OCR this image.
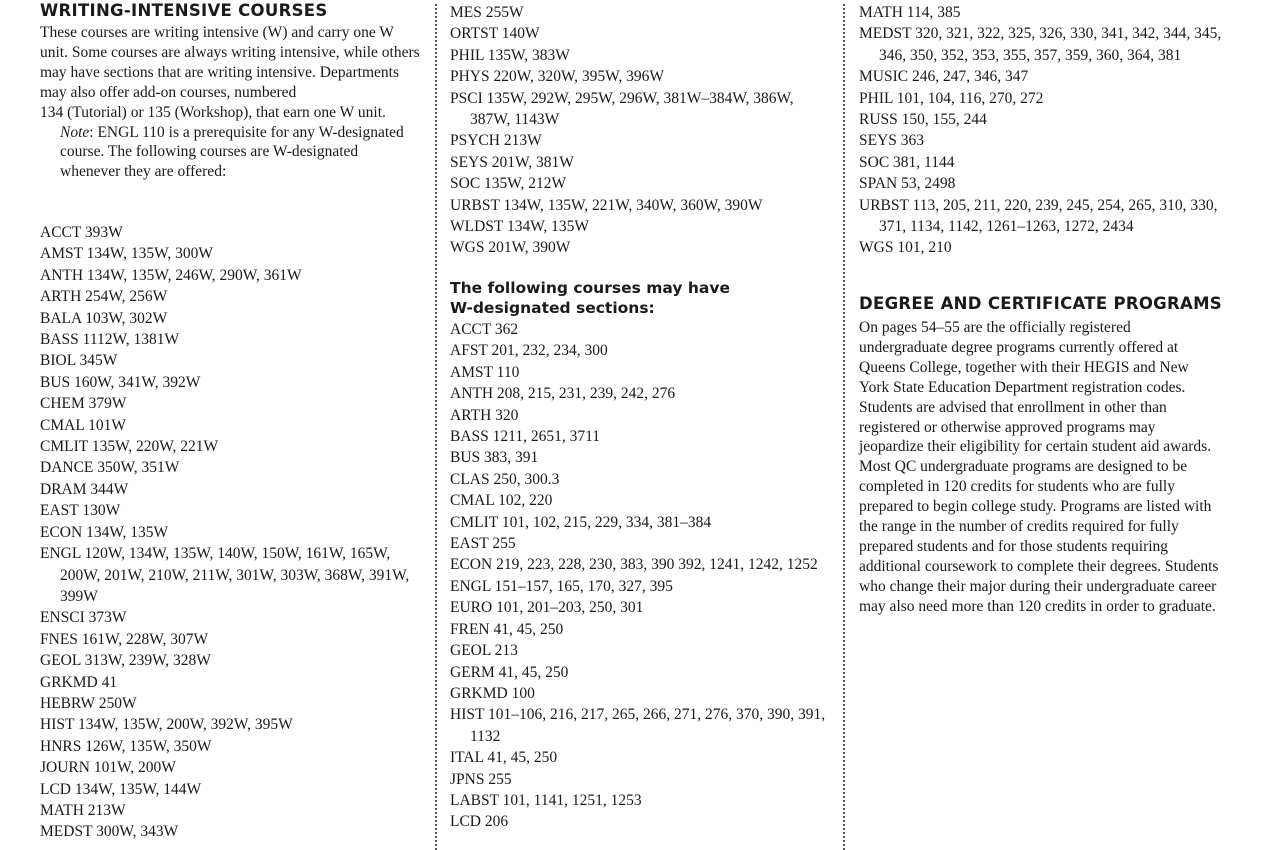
WRITING-INTENSIVE COURSES

These courses are writing intensive (W) and carry one W unit. Some courses are always writing intensive, while others may have sections that are writing intensive. Departments may also offer add-on courses, numbered

134 (Tutorial) or 135 (Workshop), that earn one W unit.

Note: ENGL 110 is a prerequisite for any W-designated course. The following courses are W-designated whenever they are offered:

ACCT 393W
AMST 134W, 135W, 300W
ANTH 134W, 135W, 246W, 290W, 361W
ARTH 254W, 256W
BALA 103W, 302W
BASS 1112W, 1381W
BIOL 345W
BUS 160W, 341W, 392W
CHEM 379W
CMAL 101W
CMLIT 135W, 220W, 221W
DANCE 350W, 351W
DRAM 344W
EAST 130W
ECON 134W, 135W
ENGL 120W, 134W, 135W, 140W, 150W, 161W, 165W, 200W, 201W, 210W, 211W, 301W, 303W, 368W, 391W, 399W
ENSCI 373W
FNES 161W, 228W, 307W
GEOL 313W, 239W, 328W
GRKMD 41
HEBRW 250W
HIST 134W, 135W, 200W, 392W, 395W
HNRS 126W, 135W, 350W
JOURN 101W, 200W
LCD 134W, 135W, 144W
MATH 213W
MEDST 300W, 343W
MES 255W
ORTST 140W
PHIL 135W, 383W
PHYS 220W, 320W, 395W, 396W
PSCI 135W, 292W, 295W, 296W, 381W–384W, 386W, 387W, 1143W
PSYCH 213W
SEYS 201W, 381W
SOC 135W, 212W
URBST 134W, 135W, 221W, 340W, 360W, 390W
WLDST 134W, 135W
WGS 201W, 390W

The following courses may have

W-designated sections:

ACCT 362
AFST 201, 232, 234, 300
AMST 110
ANTH 208, 215, 231, 239, 242, 276
ARTH 320
BASS 1211, 2651, 3711
BUS 383, 391
CLAS 250, 300.3
CMAL 102, 220
CMLIT 101, 102, 215, 229, 334, 381–384
EAST 255
ECON 219, 223, 228, 230, 383, 390 392, 1241, 1242, 1252
ENGL 151–157, 165, 170, 327, 395
EURO 101, 201–203, 250, 301
FREN 41, 45, 250
GEOL 213
GERM 41, 45, 250
GRKMD 100
HIST 101–106, 216, 217, 265, 266, 271, 276, 370, 390, 391, 1132
ITAL 41, 45, 250
JPNS 255
LABST 101, 1141, 1251, 1253
LCD 206
MATH 114, 385
MEDST 320, 321, 322, 325, 326, 330, 341, 342, 344, 345, 346, 350, 352, 353, 355, 357, 359, 360, 364, 381
MUSIC 246, 247, 346, 347
PHIL 101, 104, 116, 270, 272
RUSS 150, 155, 244
SEYS 363
SOC 381, 1144
SPAN 53, 2498
URBST 113, 205, 211, 220, 239, 245, 254, 265, 310, 330, 371, 1134, 1142, 1261–1263, 1272, 2434
WGS 101, 210
DEGREE AND CERTIFICATE PROGRAMS

On pages 54–55 are the officially registered undergraduate degree programs currently offered at Queens College, together with their HEGIS and New York State Education Department registration codes. Students are advised that enrollment in other than registered or otherwise approved programs may jeopardize their eligibility for certain student aid awards. Most QC undergraduate programs are designed to be completed in 120 credits for students who are fully prepared to begin college study. Programs are listed with the range in the number of credits required for fully prepared students and for those students requiring additional coursework to complete their degrees. Students who change their major during their undergraduate career may also need more than 120 credits in order to graduate.
